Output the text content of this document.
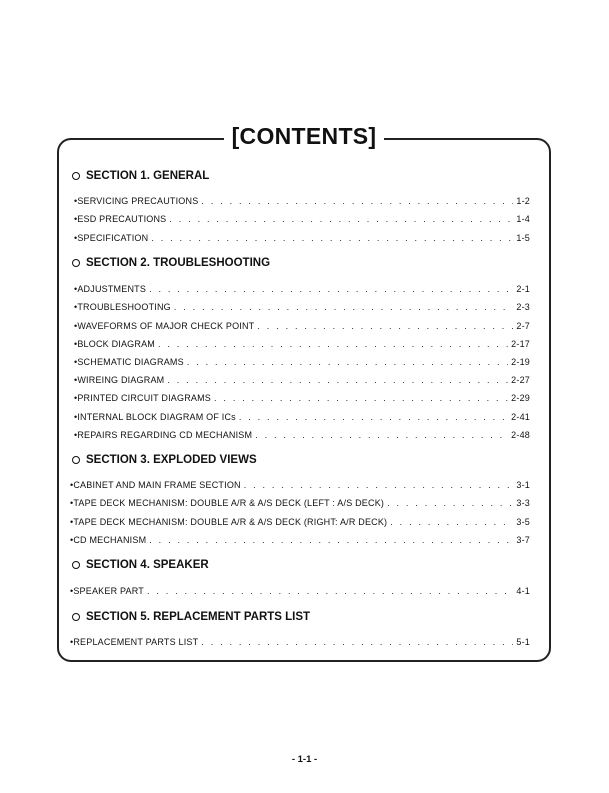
[CONTENTS]
SECTION 1. GENERAL
• SERVICING PRECAUTIONS . . .	1-2
• ESD PRECAUTIONS . . .	1-4
• SPECIFICATION . . .	1-5
SECTION 2. TROUBLESHOOTING
• ADJUSTMENTS . . .	2-1
• TROUBLESHOOTING . . .	2-3
• WAVEFORMS OF MAJOR CHECK POINT . . .	2-7
• BLOCK DIAGRAM . . .	2-17
• SCHEMATIC DIAGRAMS . . .	2-19
• WIREING DIAGRAM . . .	2-27
• PRINTED CIRCUIT DIAGRAMS . . .	2-29
• INTERNAL BLOCK DIAGRAM OF ICs . . .	2-41
• REPAIRS REGARDING CD MECHANISM . . .	2-48
SECTION 3. EXPLODED VIEWS
• CABINET AND MAIN FRAME SECTION . . .	3-1
• TAPE DECK MECHANISM: DOUBLE A/R & A/S DECK (LEFT : A/S DECK) . . .	3-3
• TAPE DECK MECHANISM: DOUBLE A/R & A/S DECK (RIGHT: A/R DECK) . . .	3-5
• CD MECHANISM . . .	3-7
SECTION 4. SPEAKER
• SPEAKER PART . . .	4-1
SECTION 5. REPLACEMENT PARTS LIST
• REPLACEMENT PARTS LIST . . .	5-1
- 1-1 -
